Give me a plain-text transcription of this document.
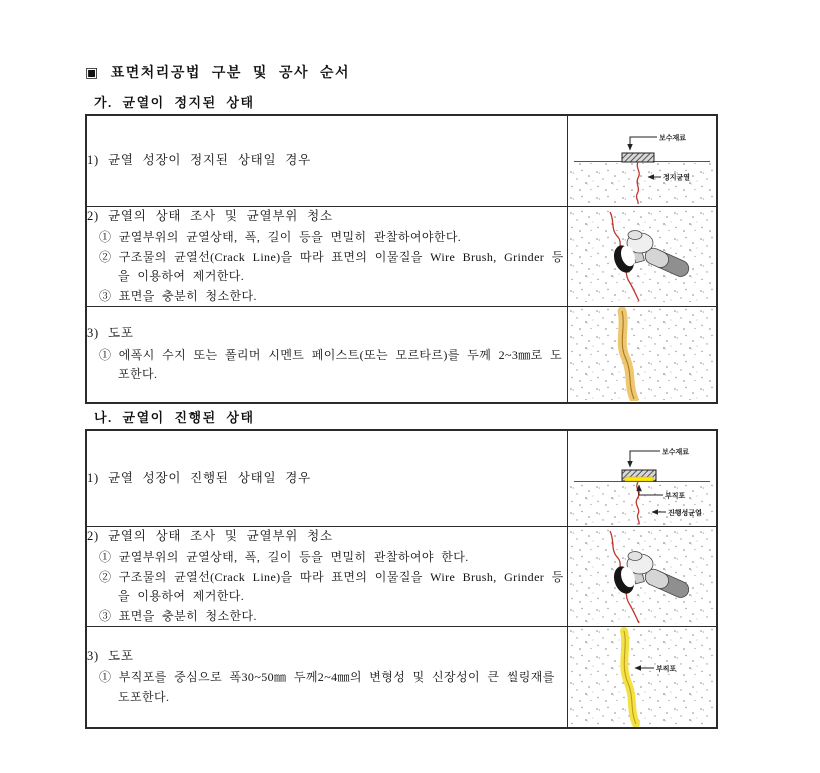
▣ 표면처리공법 구분 및 공사 순서
가. 균열이 정지된 상태
1) 균열 성장이 정지된 상태일 경우	보수재료
정지균열

2) 균열의 상태 조사 및 균열부위 청소
① 균열부위의 균열상태, 폭, 길이 등을 면밀히 관찰하여야한다.
② 구조물의 균열선(Crack Line)을 따라 표면의 이물질을 Wire Brush, Grinder 등을 이용하여 제거한다.
③ 표면을 충분히 청소한다.

3) 도포
① 에폭시 수지 또는 폴리머 시멘트 페이스트(또는 모르타르)를 두께 2~3㎜로 도포한다.

나. 균열이 진행된 상태
1) 균열 성장이 진행된 상태일 경우	보수재료
부직포
진행성균열

2) 균열의 상태 조사 및 균열부위 청소
① 균열부위의 균열상태, 폭, 길이 등을 면밀히 관찰하여야 한다.
② 구조물의 균열선(Crack Line)을 따라 표면의 이물질을 Wire Brush, Grinder 등을 이용하여 제거한다.
③ 표면을 충분히 청소한다.

3) 도포
① 부직포를 중심으로 폭30~50㎜ 두께2~4㎜의 변형성 및 신장성이 큰 씰링재를 도포한다.	부직포
